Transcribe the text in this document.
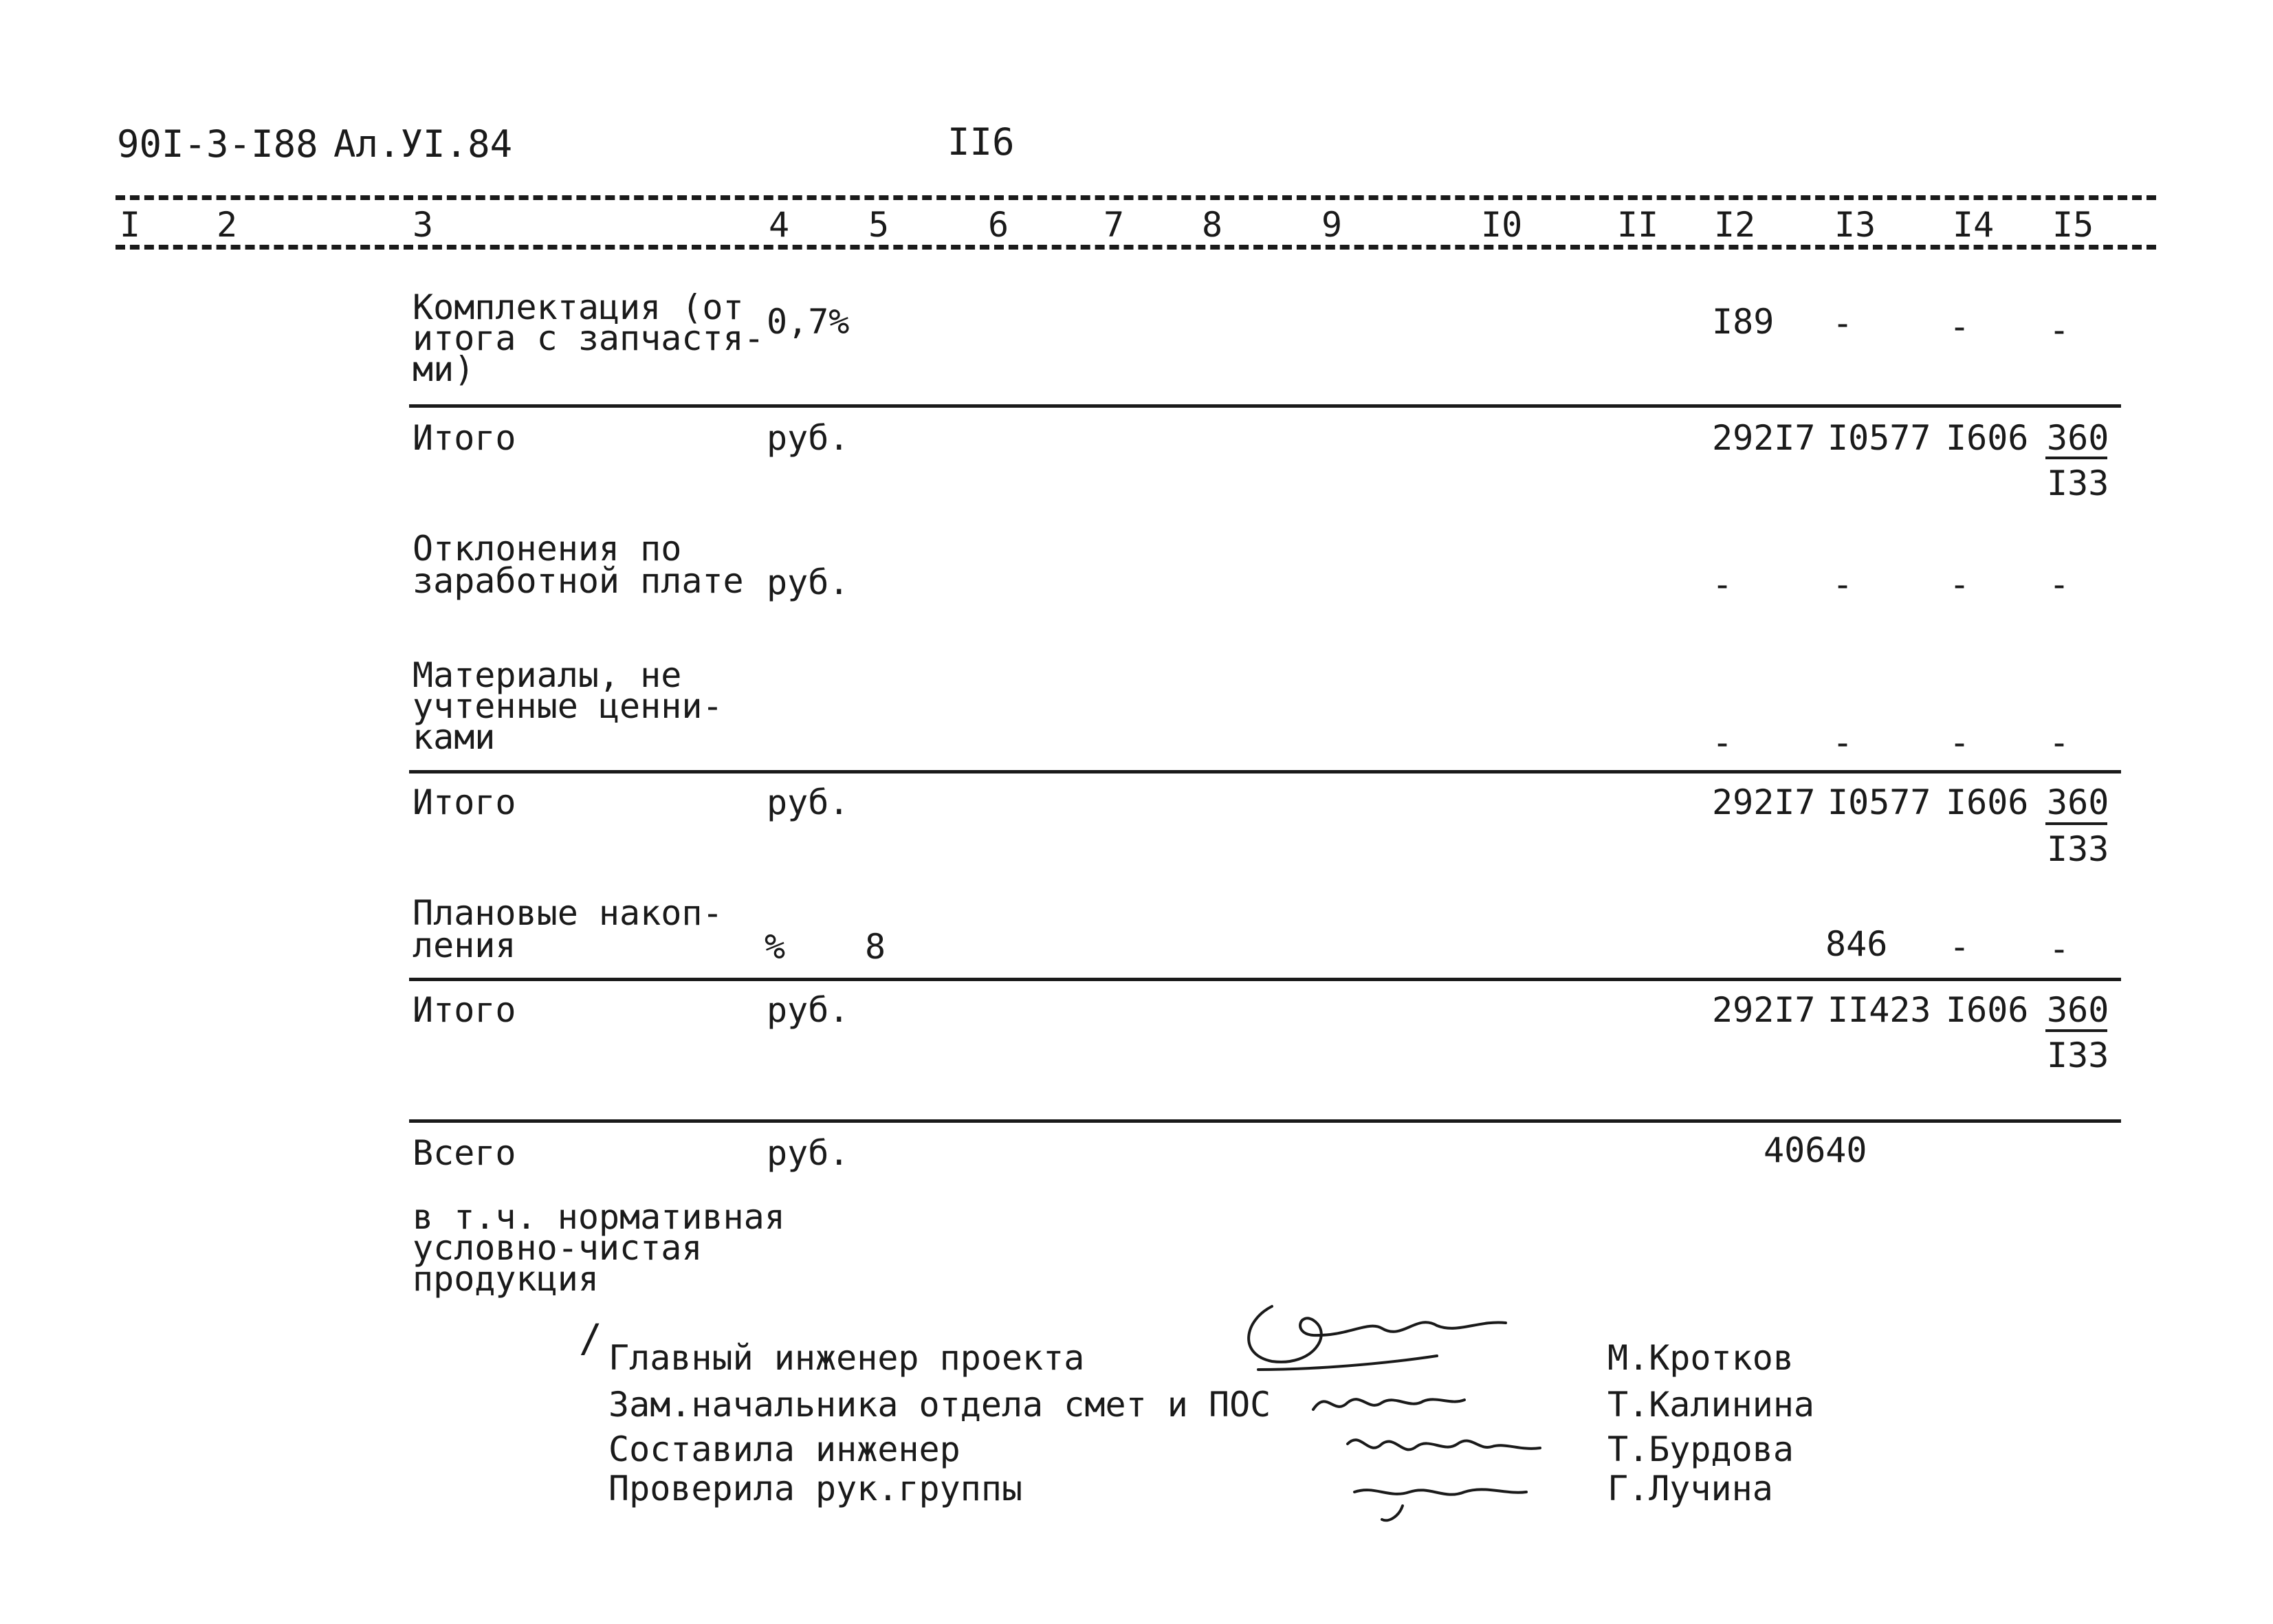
90I-3-I88 Ал.УI.84	II6
I 2	3	4 5	6	7 8	9	I0	II I2 I3 I4 I5
Комплектация (от
итога с запчастя-
ми)
0,7%	I89 -	- -
Итого	руб.	292I7 I0577 I606 360
I33
Отклонения по
заработной плате руб.	-	-	- -
Материалы, не
учтенные ценни-
ками	-	-	- -
Итого	руб.	292I7 I0577 I606 360
I33
Плановые накоп-
ления	% 8	846 - -
Итого	руб.	292I7 II423 I606 360
I33
Всего	руб.	40640
в т.ч. нормативная
условно-чистая
продукция
/ Главный инженер проекта	М.Кротков
Зам.начальника отдела смет и ПОС	Т.Калинина
Составила инженер	Т.Бурдова
Проверила рук.группы	Г.Лучина
